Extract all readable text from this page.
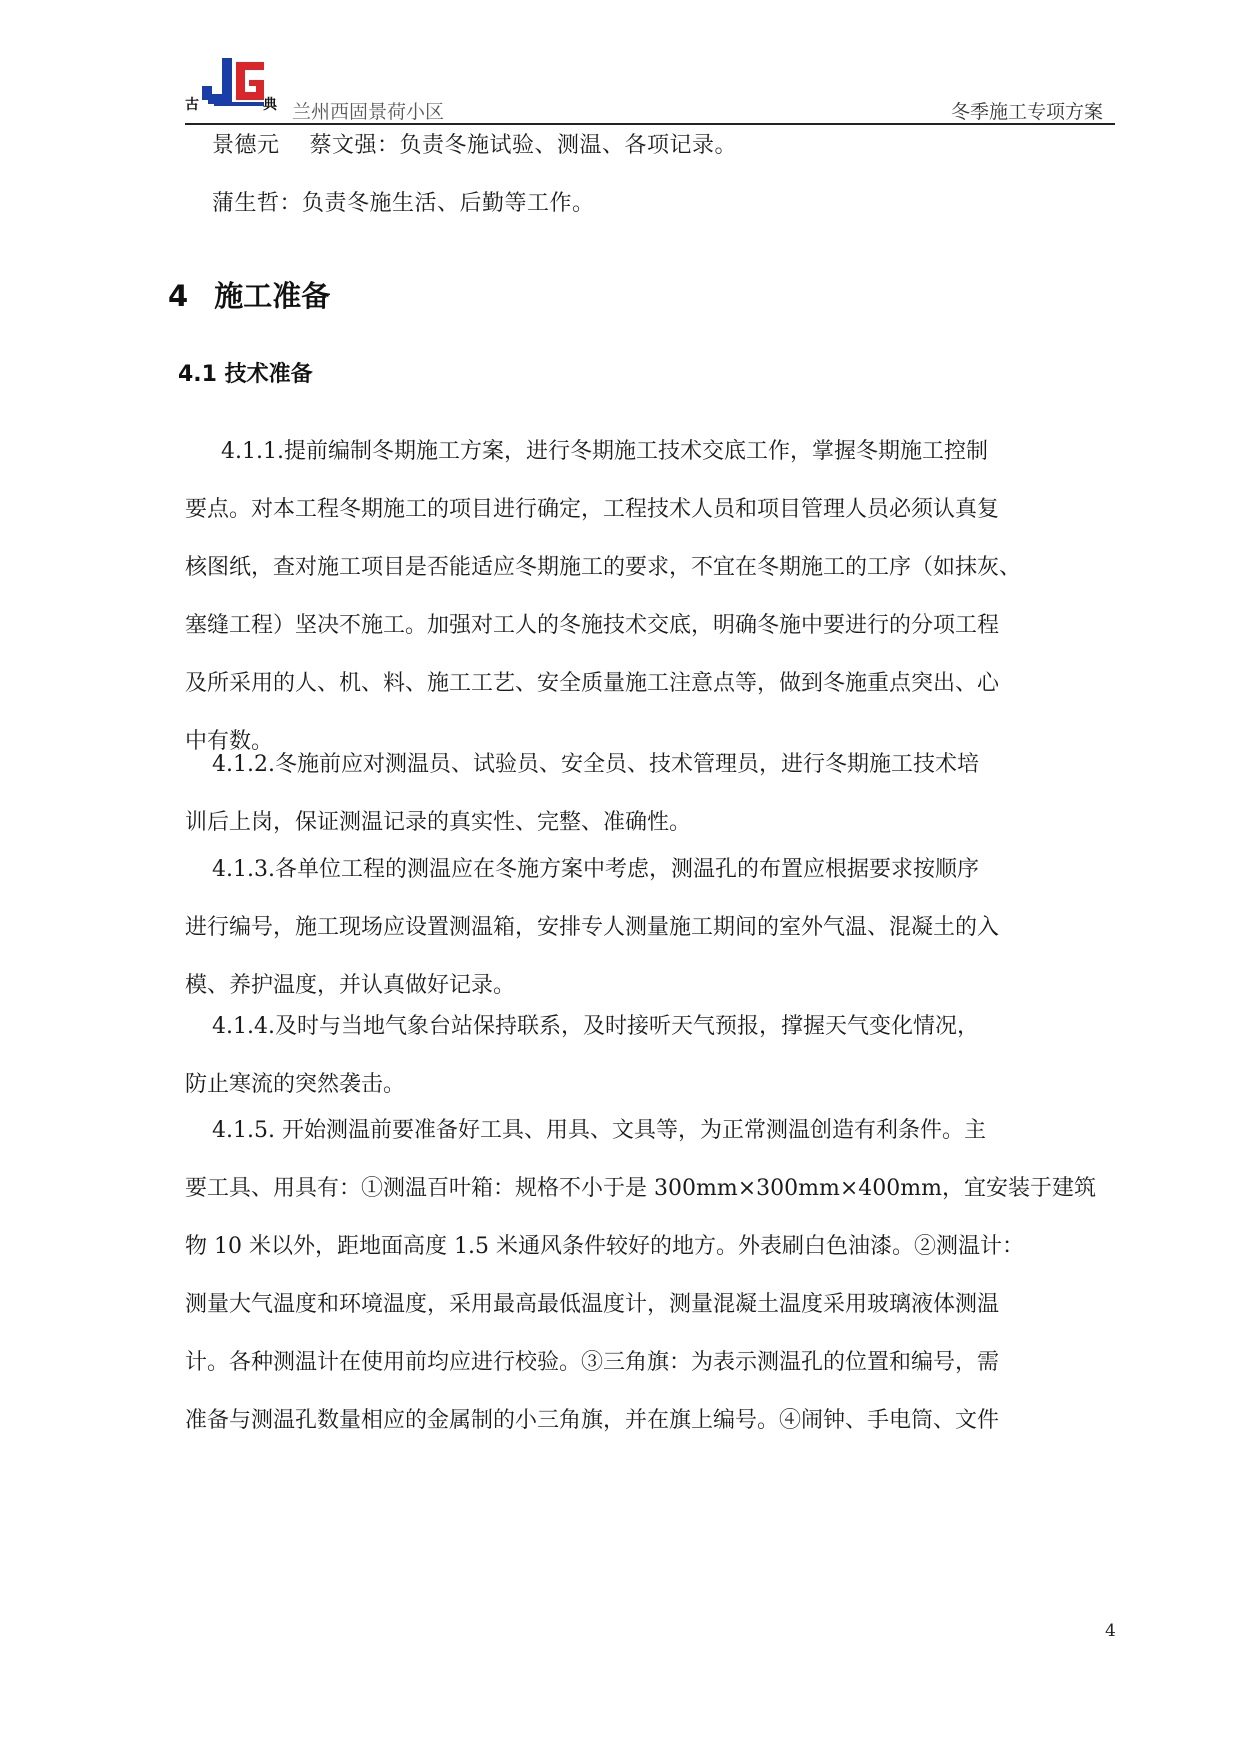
古	典 兰州西固景荷小区	冬季施工专项方案
景德元　 蔡文强：负责冬施试验、测温、各项记录。
蒲生哲：负责冬施生活、后勤等工作。
4 施工准备
4.1 技术准备
4.1.1.提前编制冬期施工方案，进行冬期施工技术交底工作，掌握冬期施工控制
要点。对本工程冬期施工的项目进行确定，工程技术人员和项目管理人员必须认真复
核图纸，查对施工项目是否能适应冬期施工的要求，不宜在冬期施工的工序（如抹灰、
塞缝工程）坚决不施工。加强对工人的冬施技术交底，明确冬施中要进行的分项工程
及所采用的人、机、料、施工工艺、安全质量施工注意点等，做到冬施重点突出、心
中有数。
4.1.2.冬施前应对测温员、试验员、安全员、技术管理员，进行冬期施工技术培
训后上岗，保证测温记录的真实性、完整、准确性。
4.1.3.各单位工程的测温应在冬施方案中考虑，测温孔的布置应根据要求按顺序
进行编号，施工现场应设置测温箱，安排专人测量施工期间的室外气温、混凝土的入
模、养护温度，并认真做好记录。
4.1.4.及时与当地气象台站保持联系，及时接听天气预报，撑握天气变化情况，
防止寒流的突然袭击。
4.1.5. 开始测温前要准备好工具、用具、文具等，为正常测温创造有利条件。主
要工具、用具有：①测温百叶箱：规格不小于是 300mm×300mm×400mm，宜安装于建筑
物 10 米以外，距地面高度 1.5 米通风条件较好的地方。外表刷白色油漆。②测温计：
测量大气温度和环境温度，采用最高最低温度计，测量混凝土温度采用玻璃液体测温
计。各种测温计在使用前均应进行校验。③三角旗：为表示测温孔的位置和编号，需
准备与测温孔数量相应的金属制的小三角旗，并在旗上编号。④闹钟、手电筒、文件
4
